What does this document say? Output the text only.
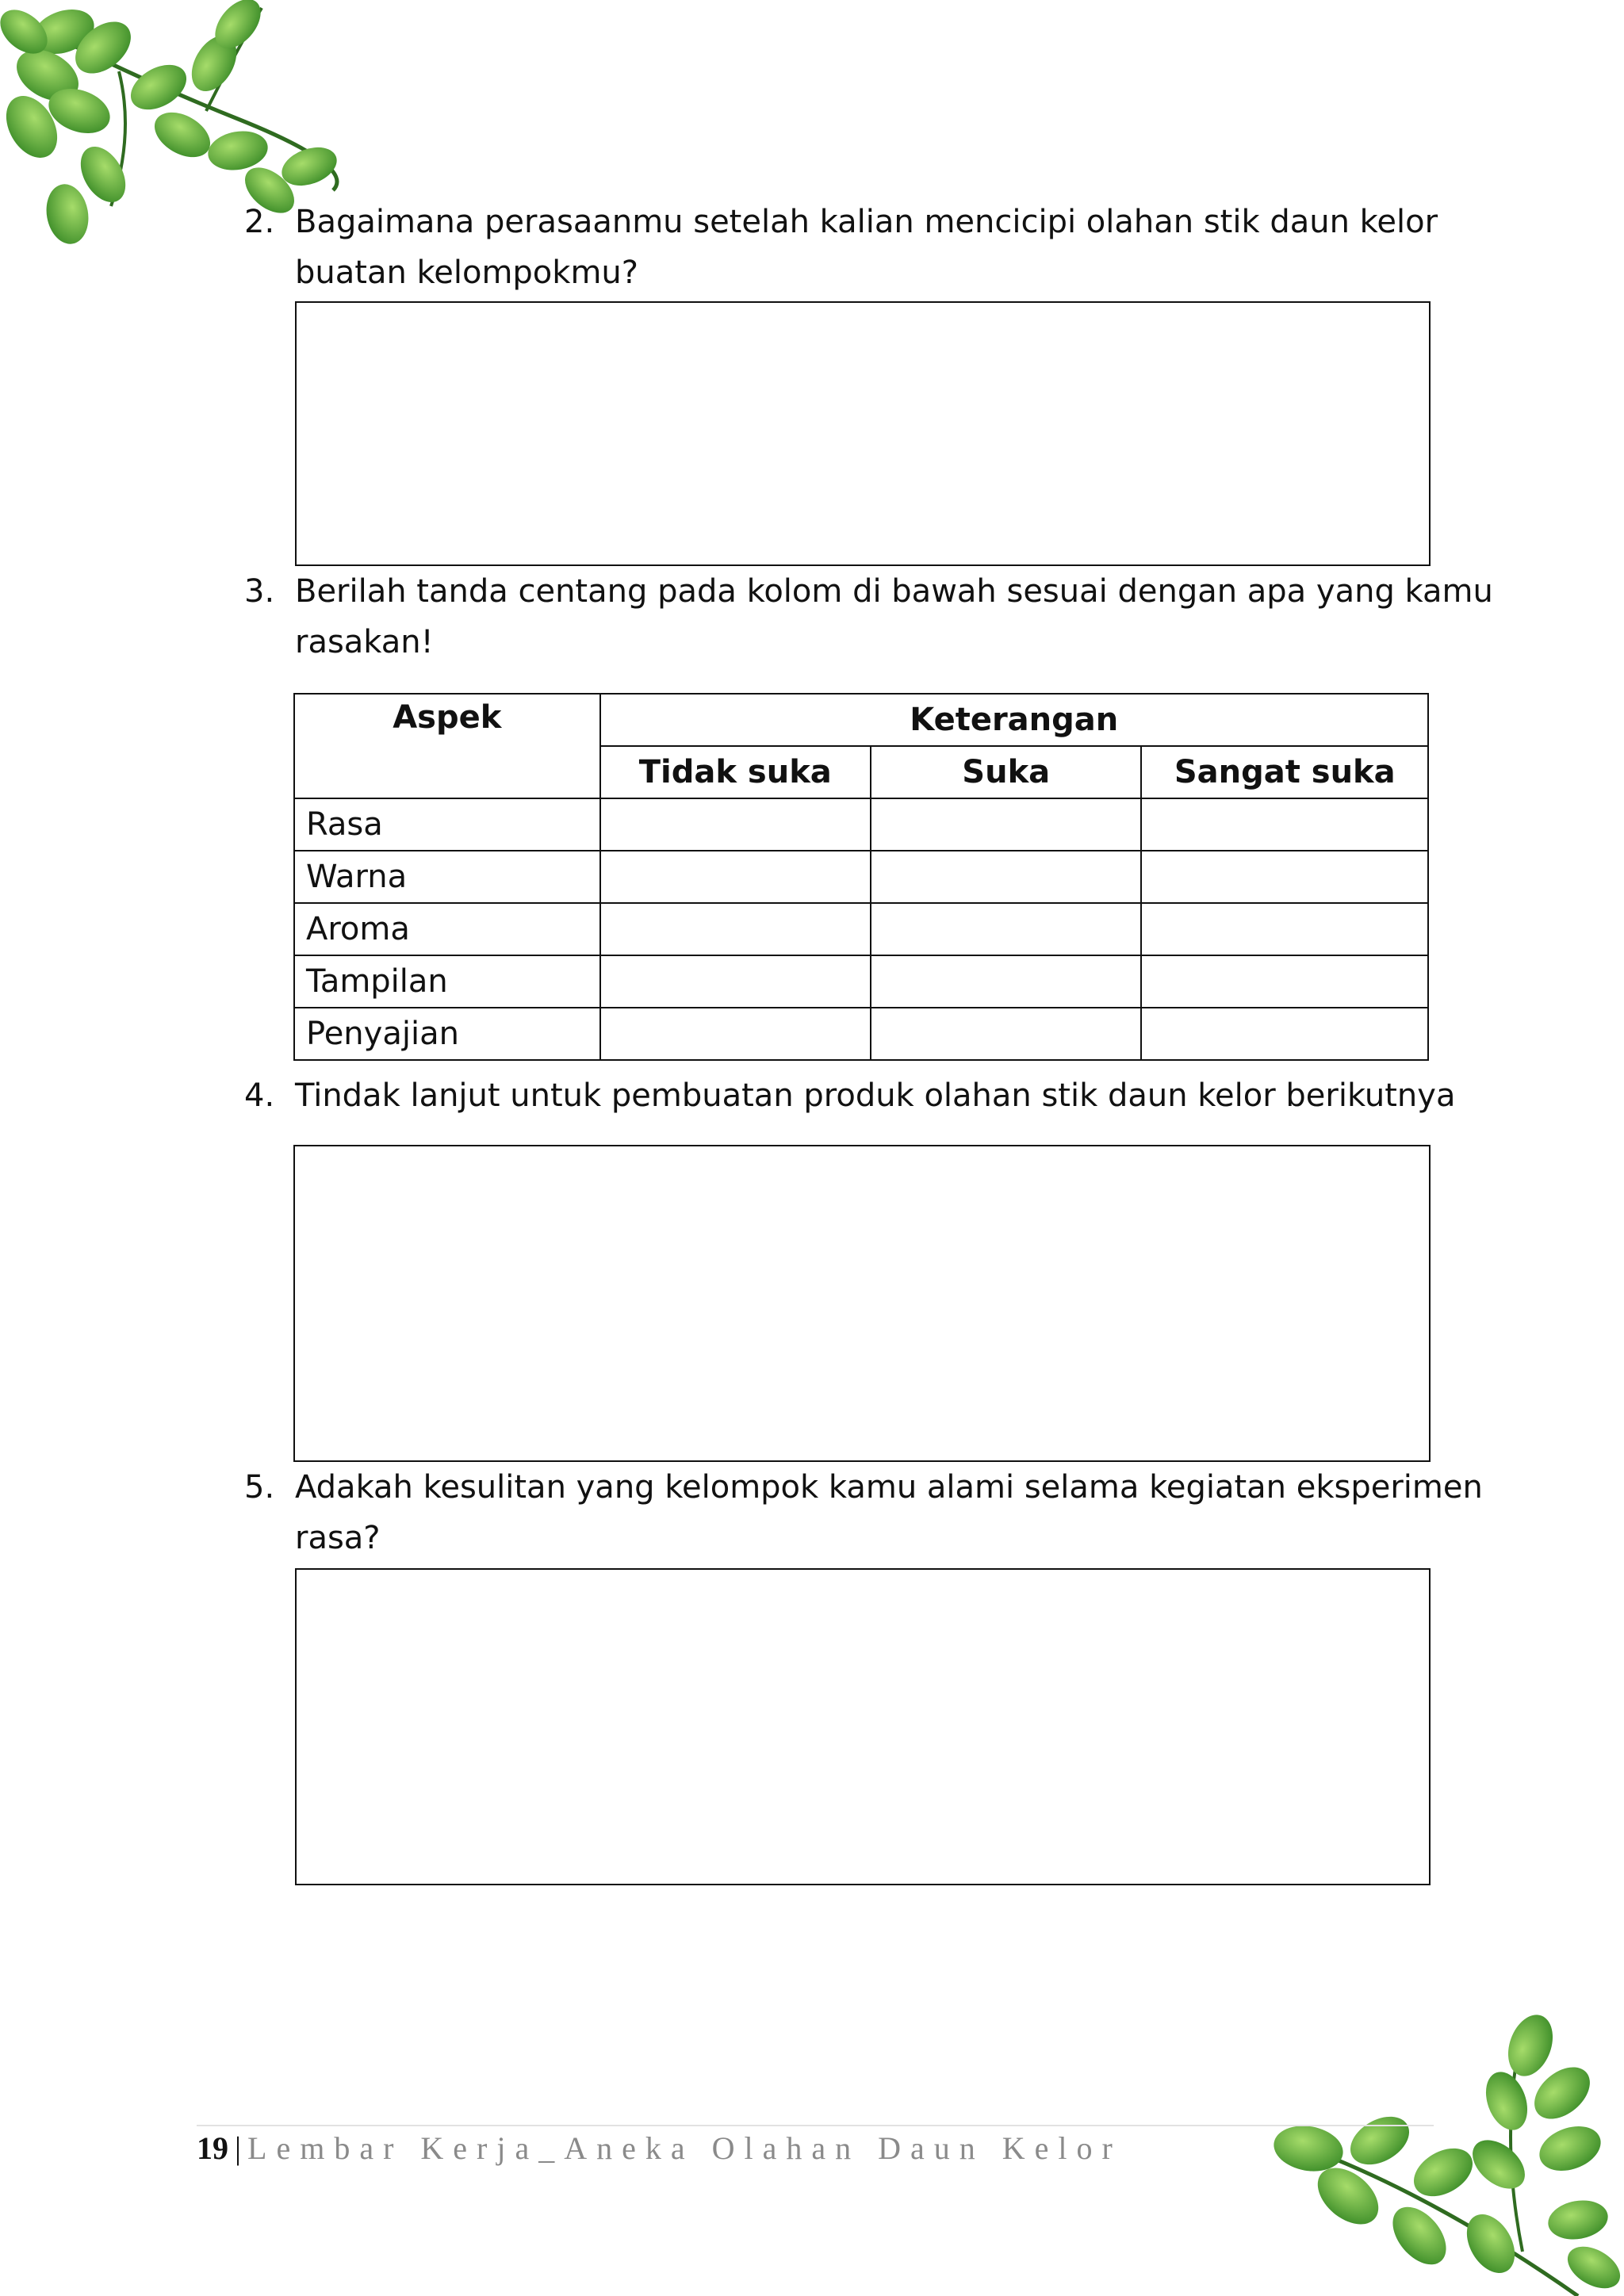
2. Bagaimana perasaanmu setelah kalian mencicipi olahan stik daun kelor
buatan kelompokmu?
3. Berilah tanda centang pada kolom di bawah sesuai dengan apa yang kamu
rasakan!
Aspek	Keterangan		
	Tidak suka	Suka	Sangat suka
Rasa			
Warna			
Aroma			
Tampilan			
Penyajian			
4. Tindak lanjut untuk pembuatan produk olahan stik daun kelor berikutnya
5. Adakah kesulitan yang kelompok kamu alami selama kegiatan eksperimen
rasa?
19 | Lembar Kerja_Aneka Olahan Daun Kelor
